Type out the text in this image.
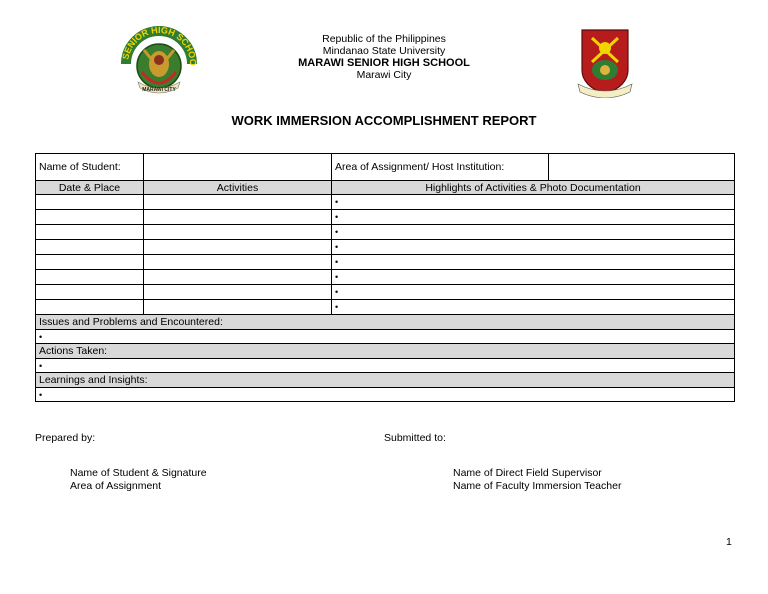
SENIOR HIGH SCHOO
MARAWI CITY
Republic of the Philippines
Mindanao State University
MARAWI SENIOR HIGH SCHOOL
Marawi City
WORK IMMERSION ACCOMPLISHMENT REPORT
Name of Student:		Area of Assignment/ Host Institution:	
Date & Place	Activities	Highlights of Activities & Photo Documentation	
		•	
		•	
		•	
		•	
		•	
		•	
		•	
		•	
Issues and Problems and Encountered:			
•			
Actions Taken:			
•			
Learnings and Insights:			
•			
Prepared by:	Submitted to:
Name of Student & Signature
Area of Assignment
Name of Direct Field Supervisor
Name of Faculty Immersion Teacher
1
